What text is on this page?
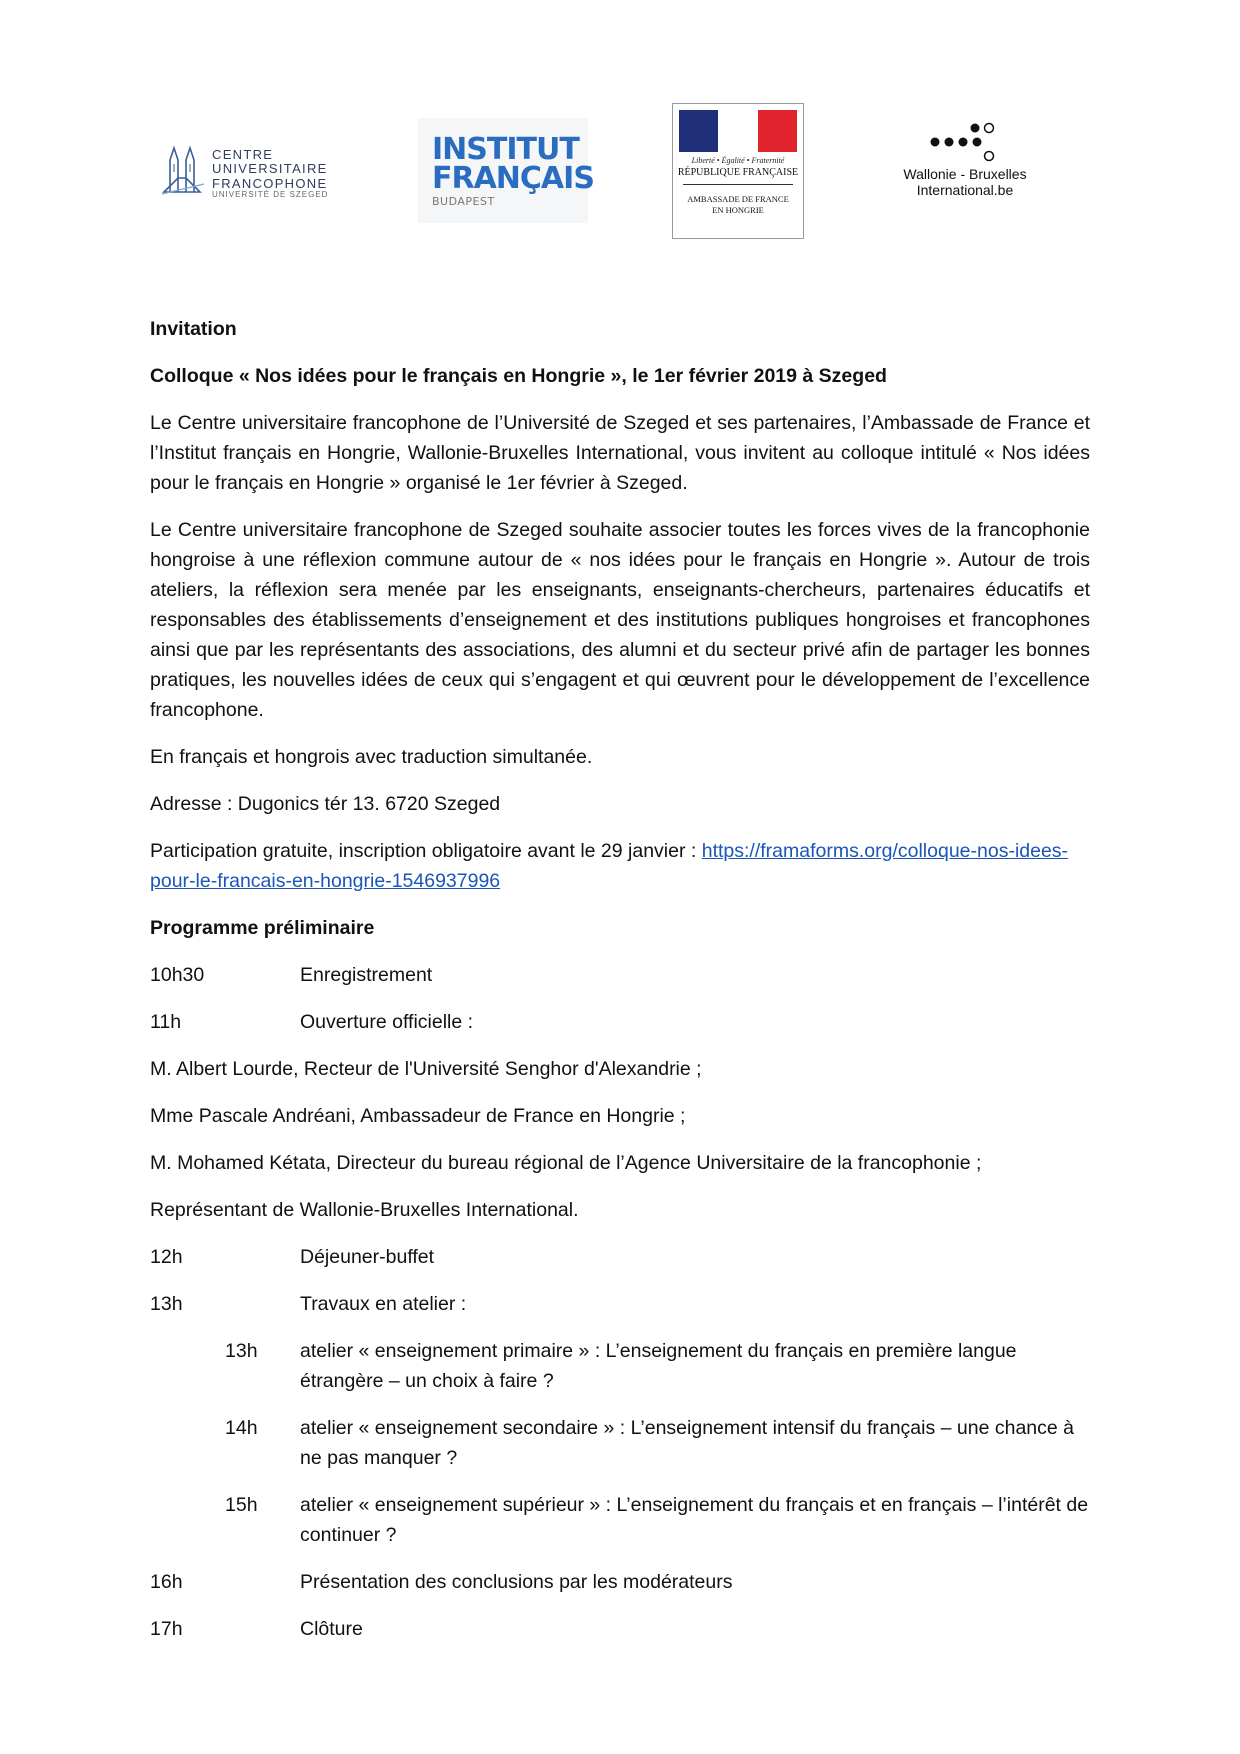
CENTRE UNIVERSITAIRE
FRANCOPHONE
UNIVERSITÉ DE SZEGED
INSTITUT
FRANÇAIS
BUDAPEST
Liberté • Égalité • Fraternité
RÉPUBLIQUE FRANÇAISE
AMBASSADE DE FRANCE
EN HONGRIE
Wallonie - Bruxelles
International.be

Invitation

Colloque « Nos idées pour le français en Hongrie », le 1er février 2019 à Szeged

Le Centre universitaire francophone de l’Université de Szeged et ses partenaires, l’Ambassade de France et l’Institut français en Hongrie, Wallonie-Bruxelles International, vous invitent au colloque intitulé « Nos idées pour le français en Hongrie » organisé le 1er février à Szeged.

Le Centre universitaire francophone de Szeged souhaite associer toutes les forces vives de la francophonie hongroise à une réflexion commune autour de « nos idées pour le français en Hongrie ». Autour de trois ateliers, la réflexion sera menée par les enseignants, enseignants-chercheurs, partenaires éducatifs et responsables des établissements d’enseignement et des institutions publiques hongroises et francophones ainsi que par les représentants des associations, des alumni et du secteur privé afin de partager les bonnes pratiques, les nouvelles idées de ceux qui s’engagent et qui œuvrent pour le développement de l’excellence francophone.

En français et hongrois avec traduction simultanée.

Adresse : Dugonics tér 13. 6720 Szeged

Participation gratuite, inscription obligatoire avant le 29 janvier : https://framaforms.org/colloque-nos-idees-pour-le-francais-en-hongrie-1546937996

Programme préliminaire

10h30	Enregistrement
11h	Ouverture officielle :

M. Albert Lourde, Recteur de l'Université Senghor d'Alexandrie ;

Mme Pascale Andréani, Ambassadeur de France en Hongrie ;

M. Mohamed Kétata, Directeur du bureau régional de l’Agence Universitaire de la francophonie ;

Représentant de Wallonie-Bruxelles International.

12h	Déjeuner-buffet
13h	Travaux en atelier :
13h	atelier « enseignement primaire » : L’enseignement du français en première langue étrangère – un choix à faire ?
14h	atelier « enseignement secondaire » : L’enseignement intensif du français – une chance à ne pas manquer ?
15h	atelier « enseignement supérieur » : L’enseignement du français et en français – l’intérêt de continuer ?
16h	Présentation des conclusions par les modérateurs
17h	Clôture
